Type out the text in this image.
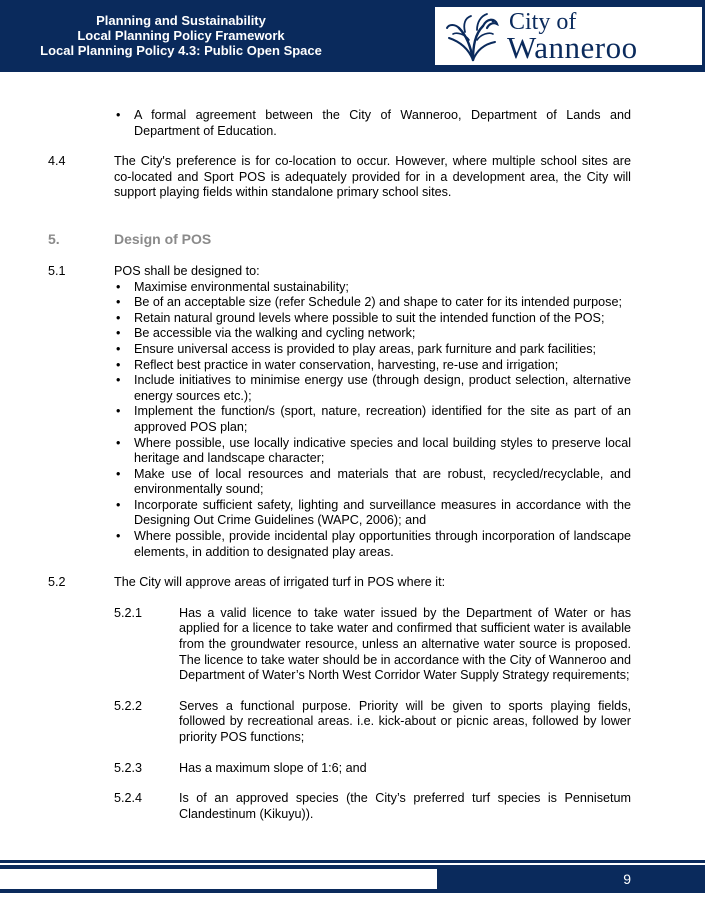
Planning and Sustainability
Local Planning Policy Framework
Local Planning Policy 4.3: Public Open Space
City of
Wanneroo
• A formal agreement between the City of Wanneroo, Department of Lands and Department of Education.
4.4	The City's preference is for co-location to occur. However, where multiple school sites are co-located and Sport POS is adequately provided for in a development area, the City will support playing fields within standalone primary school sites.
5.	Design of POS
5.1	POS shall be designed to:
• Maximise environmental sustainability;
• Be of an acceptable size (refer Schedule 2) and shape to cater for its intended purpose;
• Retain natural ground levels where possible to suit the intended function of the POS;
• Be accessible via the walking and cycling network;
• Ensure universal access is provided to play areas, park furniture and park facilities;
• Reflect best practice in water conservation, harvesting, re-use and irrigation;
• Include initiatives to minimise energy use (through design, product selection, alternative energy sources etc.);
• Implement the function/s (sport, nature, recreation) identified for the site as part of an approved POS plan;
• Where possible, use locally indicative species and local building styles to preserve local heritage and landscape character;
• Make use of local resources and materials that are robust, recycled/recyclable, and environmentally sound;
• Incorporate sufficient safety, lighting and surveillance measures in accordance with the Designing Out Crime Guidelines (WAPC, 2006); and
• Where possible, provide incidental play opportunities through incorporation of landscape elements, in addition to designated play areas.
5.2	The City will approve areas of irrigated turf in POS where it:
5.2.1	Has a valid licence to take water issued by the Department of Water or has applied for a licence to take water and confirmed that sufficient water is available from the groundwater resource, unless an alternative water source is proposed. The licence to take water should be in accordance with the City of Wanneroo and Department of Water’s North West Corridor Water Supply Strategy requirements;
5.2.2	Serves a functional purpose. Priority will be given to sports playing fields, followed by recreational areas. i.e. kick-about or picnic areas, followed by lower priority POS functions;
5.2.3	Has a maximum slope of 1:6; and
5.2.4	Is of an approved species (the City’s preferred turf species is Pennisetum Clandestinum (Kikuyu)).
9
